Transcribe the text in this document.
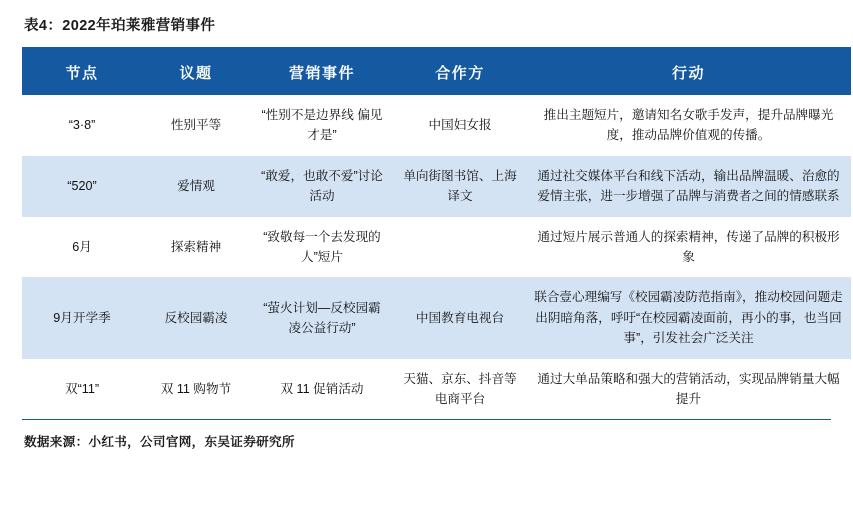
表4：2022年珀莱雅营销事件
节点	议题	营销事件	合作方	行动
“3·8”	性别平等	“性别不是边界线 偏见才是”	中国妇女报	推出主题短片，邀请知名女歌手发声，提升品牌曝光度，推动品牌价值观的传播。
“520”	爱情观	“敢爱，也敢不爱”讨论活动	单向街图书馆、上海译文	通过社交媒体平台和线下活动，输出品牌温暖、治愈的爱情主张，进一步增强了品牌与消费者之间的情感联系
6月	探索精神	“致敬每一个去发现的人”短片		通过短片展示普通人的探索精神，传递了品牌的积极形象
9月开学季	反校园霸凌	“萤火计划—反校园霸凌公益行动”	中国教育电视台	联合壹心理编写《校园霸凌防范指南》，推动校园问题走出阴暗角落，呼吁“在校园霸凌面前，再小的事，也当回事”，引发社会广泛关注
双“11”	双 11 购物节	双 11 促销活动	天猫、京东、抖音等电商平台	通过大单品策略和强大的营销活动，实现品牌销量大幅提升
数据来源：小红书，公司官网，东吴证券研究所
